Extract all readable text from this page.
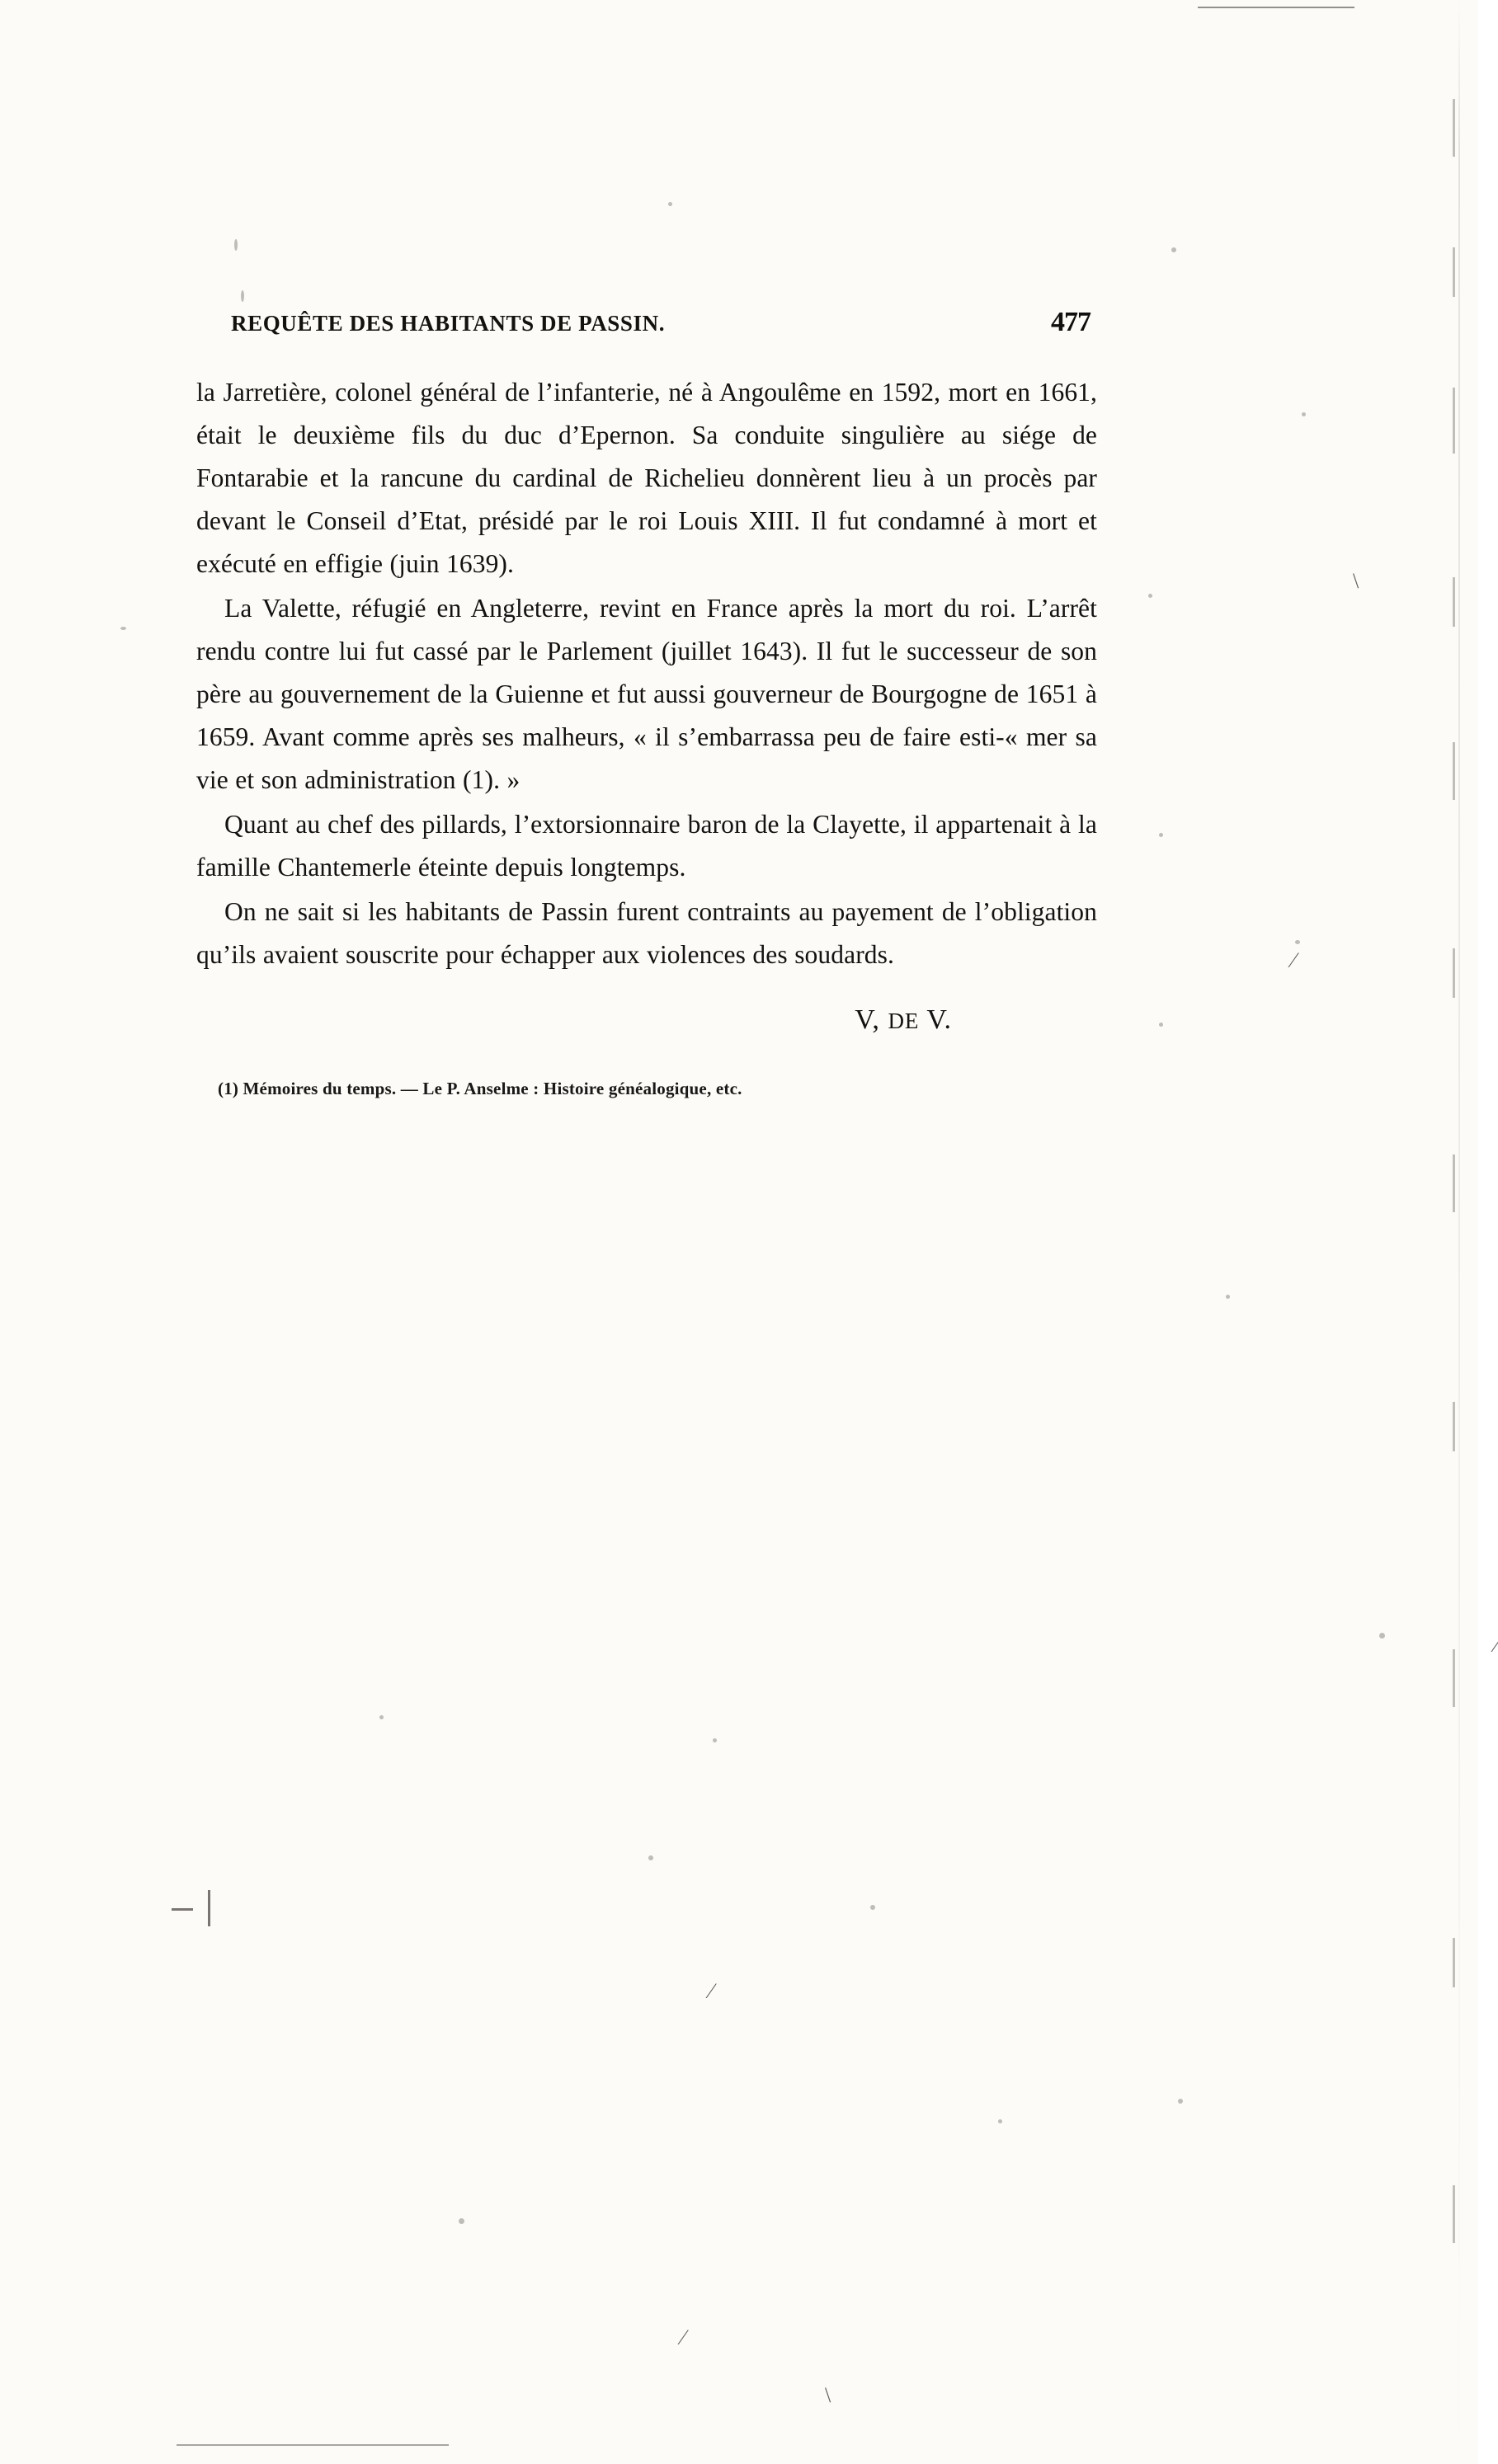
\
⁄
⁄
⁄
⁄
\
REQUÊTE DES HABITANTS DE PASSIN.	477

la Jarretière, colonel général de l’infanterie, né à Angoulême en 1592, mort en 1661, était le deuxième fils du duc d’Epernon. Sa conduite singulière au siége de Fontarabie et la rancune du cardinal de Richelieu donnèrent lieu à un procès par devant le Conseil d’Etat, présidé par le roi Louis XIII. Il fut condamné à mort et exécuté en effigie (juin 1639).

La Valette, réfugié en Angleterre, revint en France après la mort du roi. L’arrêt rendu contre lui fut cassé par le Parlement (juillet 1643). Il fut le successeur de son père au gouvernement de la Guienne et fut aussi gouverneur de Bourgogne de 1651 à 1659. Avant comme après ses malheurs, « il s’embarrassa peu de faire esti-« mer sa vie et son administration (1). »

Quant au chef des pillards, l’extorsionnaire baron de la Clayette, il appartenait à la famille Chantemerle éteinte depuis longtemps.

On ne sait si les habitants de Passin furent contraints au payement de l’obligation qu’ils avaient souscrite pour échapper aux violences des soudards.

V, DE V.
(1) Mémoires du temps. — Le P. Anselme : Histoire généalogique, etc.
